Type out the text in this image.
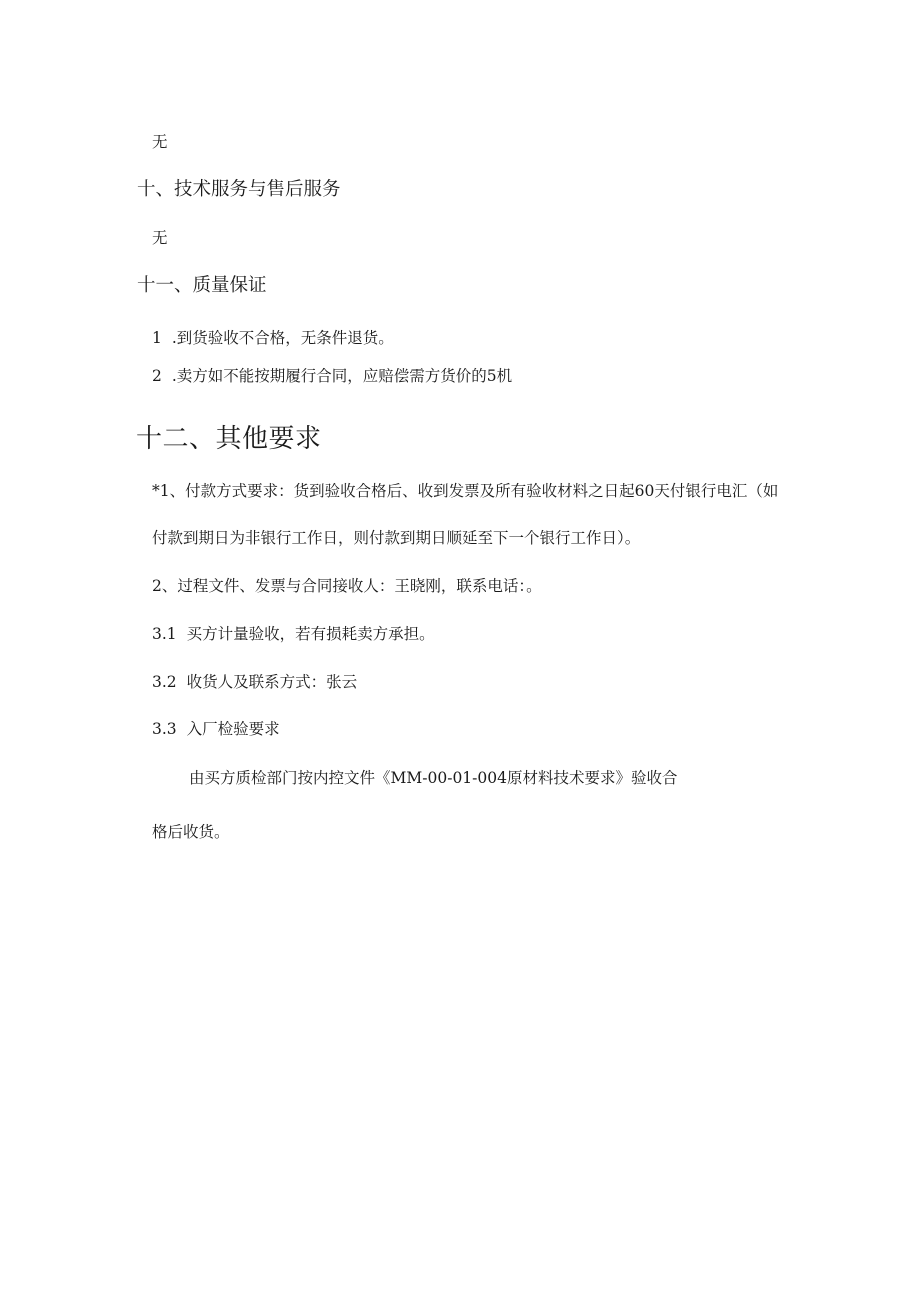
无
十、技术服务与售后服务
无
十一、质量保证
1 .到货验收不合格，无条件退货。
2 .卖方如不能按期履行合同，应赔偿需方货价的5机
十二、其他要求
*1、付款方式要求：货到验收合格后、收到发票及所有验收材料之日起60天付银行电汇（如
付款到期日为非银行工作日，则付款到期日顺延至下一个银行工作日）。
2、过程文件、发票与合同接收人：王晓刚，联系电话：。
3.1 买方计量验收，若有损耗卖方承担。
3.2 收货人及联系方式：张云
3.3 入厂检验要求
由买方质检部门按内控文件《MM-00-01-004原材料技术要求》验收合
格后收货。
